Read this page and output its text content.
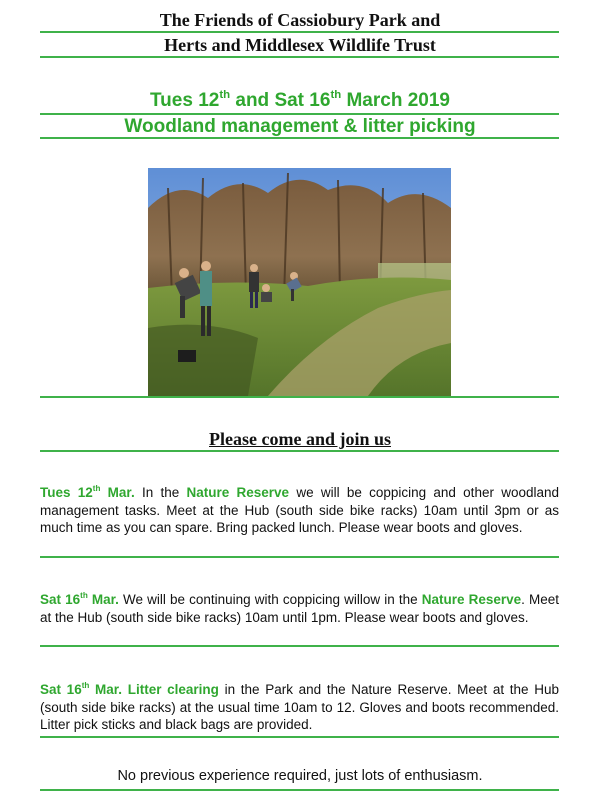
The Friends of Cassiobury Park and
Herts and Middlesex Wildlife Trust
Tues 12th and Sat 16th March 2019
Woodland management & litter picking
Please come and join us

Tues 12th Mar. In the Nature Reserve we will be coppicing and other woodland management tasks. Meet at the Hub (south side bike racks) 10am until 3pm or as much time as you can spare. Bring packed lunch. Please wear boots and gloves.

Sat 16th Mar. We will be continuing with coppicing willow in the Nature Reserve. Meet at the Hub (south side bike racks) 10am until 1pm. Please wear boots and gloves.

Sat 16th Mar. Litter clearing in the Park and the Nature Reserve. Meet at the Hub (south side bike racks) at the usual time 10am to 12. Gloves and boots recommended. Litter pick sticks and black bags are provided.

No previous experience required, just lots of enthusiasm.
